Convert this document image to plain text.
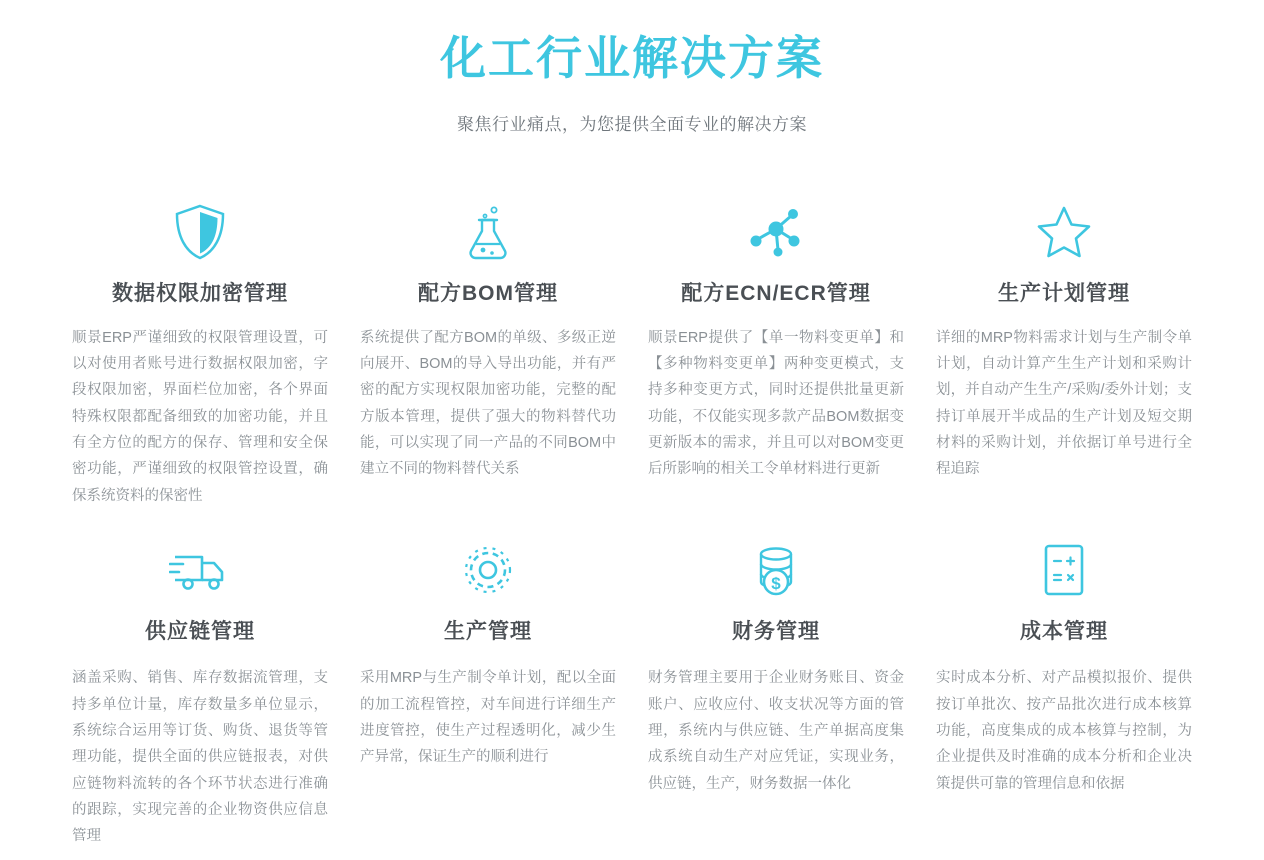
化工行业解决方案
聚焦行业痛点，为您提供全面专业的解决方案
数据权限加密管理
顺景ERP严谨细致的权限管理设置，可以对使用者账号进行数据权限加密，字段权限加密，界面栏位加密，各个界面特殊权限都配备细致的加密功能，并且有全方位的配方的保存、管理和安全保密功能，严谨细致的权限管控设置，确保系统资料的保密性
配方BOM管理
系统提供了配方BOM的单级、多级正逆向展开、BOM的导入导出功能，并有严密的配方实现权限加密功能，完整的配方版本管理，提供了强大的物料替代功能，可以实现了同一产品的不同BOM中建立不同的物料替代关系
配方ECN/ECR管理
顺景ERP提供了【单一物料变更单】和【多种物料变更单】两种变更模式，支持多种变更方式，同时还提供批量更新功能，不仅能实现多款产品BOM数据变更新版本的需求，并且可以对BOM变更后所影响的相关工令单材料进行更新
生产计划管理
详细的MRP物料需求计划与生产制令单计划，自动计算产生生产计划和采购计划，并自动产生生产/采购/委外计划；支持订单展开半成品的生产计划及短交期材料的采购计划，并依据订单号进行全程追踪
供应链管理
涵盖采购、销售、库存数据流管理，支持多单位计量，库存数量多单位显示，系统综合运用等订货、购货、退货等管理功能，提供全面的供应链报表，对供应链物料流转的各个环节状态进行准确的跟踪，实现完善的企业物资供应信息管理
生产管理
采用MRP与生产制令单计划，配以全面的加工流程管控，对车间进行详细生产进度管控，使生产过程透明化，减少生产异常，保证生产的顺利进行
$
财务管理
财务管理主要用于企业财务账目、资金账户、应收应付、收支状况等方面的管理，系统内与供应链、生产单据高度集成系统自动生产对应凭证，实现业务，供应链，生产，财务数据一体化
成本管理
实时成本分析、对产品模拟报价、提供按订单批次、按产品批次进行成本核算功能，高度集成的成本核算与控制，为企业提供及时准确的成本分析和企业决策提供可靠的管理信息和依据
